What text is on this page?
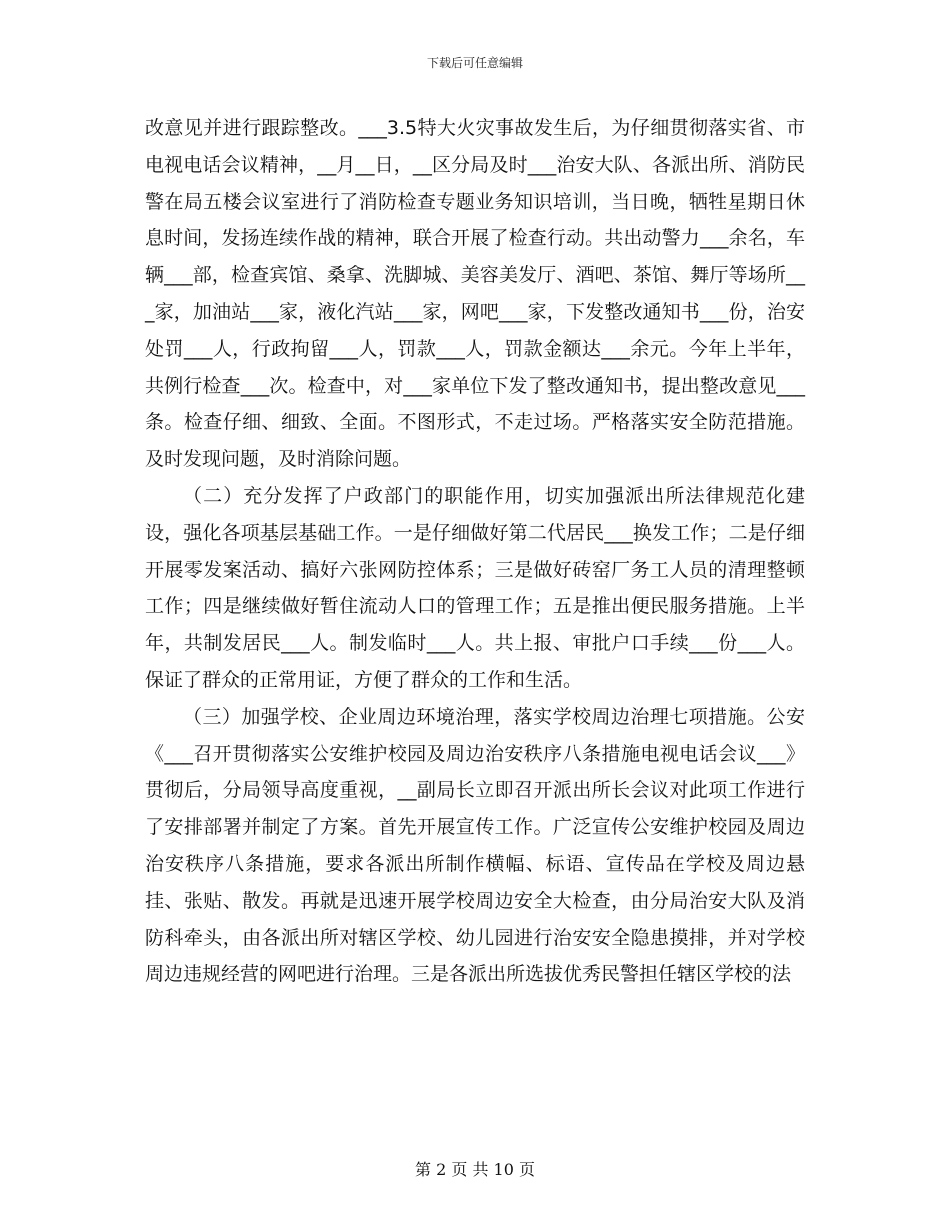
下载后可任意编辑

改意见并进行跟踪整改。___3.5特大火灾事故发生后，为仔细贯彻落实省、市电视电话会议精神，__月__日，__区分局及时___治安大队、各派出所、消防民警在局五楼会议室进行了消防检查专题业务知识培训，当日晚，牺牲星期日休息时间，发扬连续作战的精神，联合开展了检查行动。共出动警力___余名，车辆___部，检查宾馆、桑拿、洗脚城、美容美发厅、酒吧、茶馆、舞厅等场所___家，加油站___家，液化汽站___家，网吧___家，下发整改通知书___份，治安处罚___人，行政拘留___人，罚款___人，罚款金额达___余元。今年上半年，共例行检查___次。检查中，对___家单位下发了整改通知书，提出整改意见___条。检查仔细、细致、全面。不图形式，不走过场。严格落实安全防范措施。及时发现问题，及时消除问题。

（二）充分发挥了户政部门的职能作用，切实加强派出所法律规范化建设，强化各项基层基础工作。一是仔细做好第二代居民___换发工作；二是仔细开展零发案活动、搞好六张网防控体系；三是做好砖窑厂务工人员的清理整顿工作；四是继续做好暂住流动人口的管理工作；五是推出便民服务措施。上半年，共制发居民___人。制发临时___人。共上报、审批户口手续___份___人。保证了群众的正常用证，方便了群众的工作和生活。

（三）加强学校、企业周边环境治理，落实学校周边治理七项措施。公安《___召开贯彻落实公安维护校园及周边治安秩序八条措施电视电话会议___》贯彻后，分局领导高度重视，__副局长立即召开派出所长会议对此项工作进行了安排部署并制定了方案。首先开展宣传工作。广泛宣传公安维护校园及周边治安秩序八条措施，要求各派出所制作横幅、标语、宣传品在学校及周边悬挂、张贴、散发。再就是迅速开展学校周边安全大检查，由分局治安大队及消防科牵头，由各派出所对辖区学校、幼儿园进行治安安全隐患摸排，并对学校周边违规经营的网吧进行治理。三是各派出所选拔优秀民警担任辖区学校的法

第 2 页 共 10 页
